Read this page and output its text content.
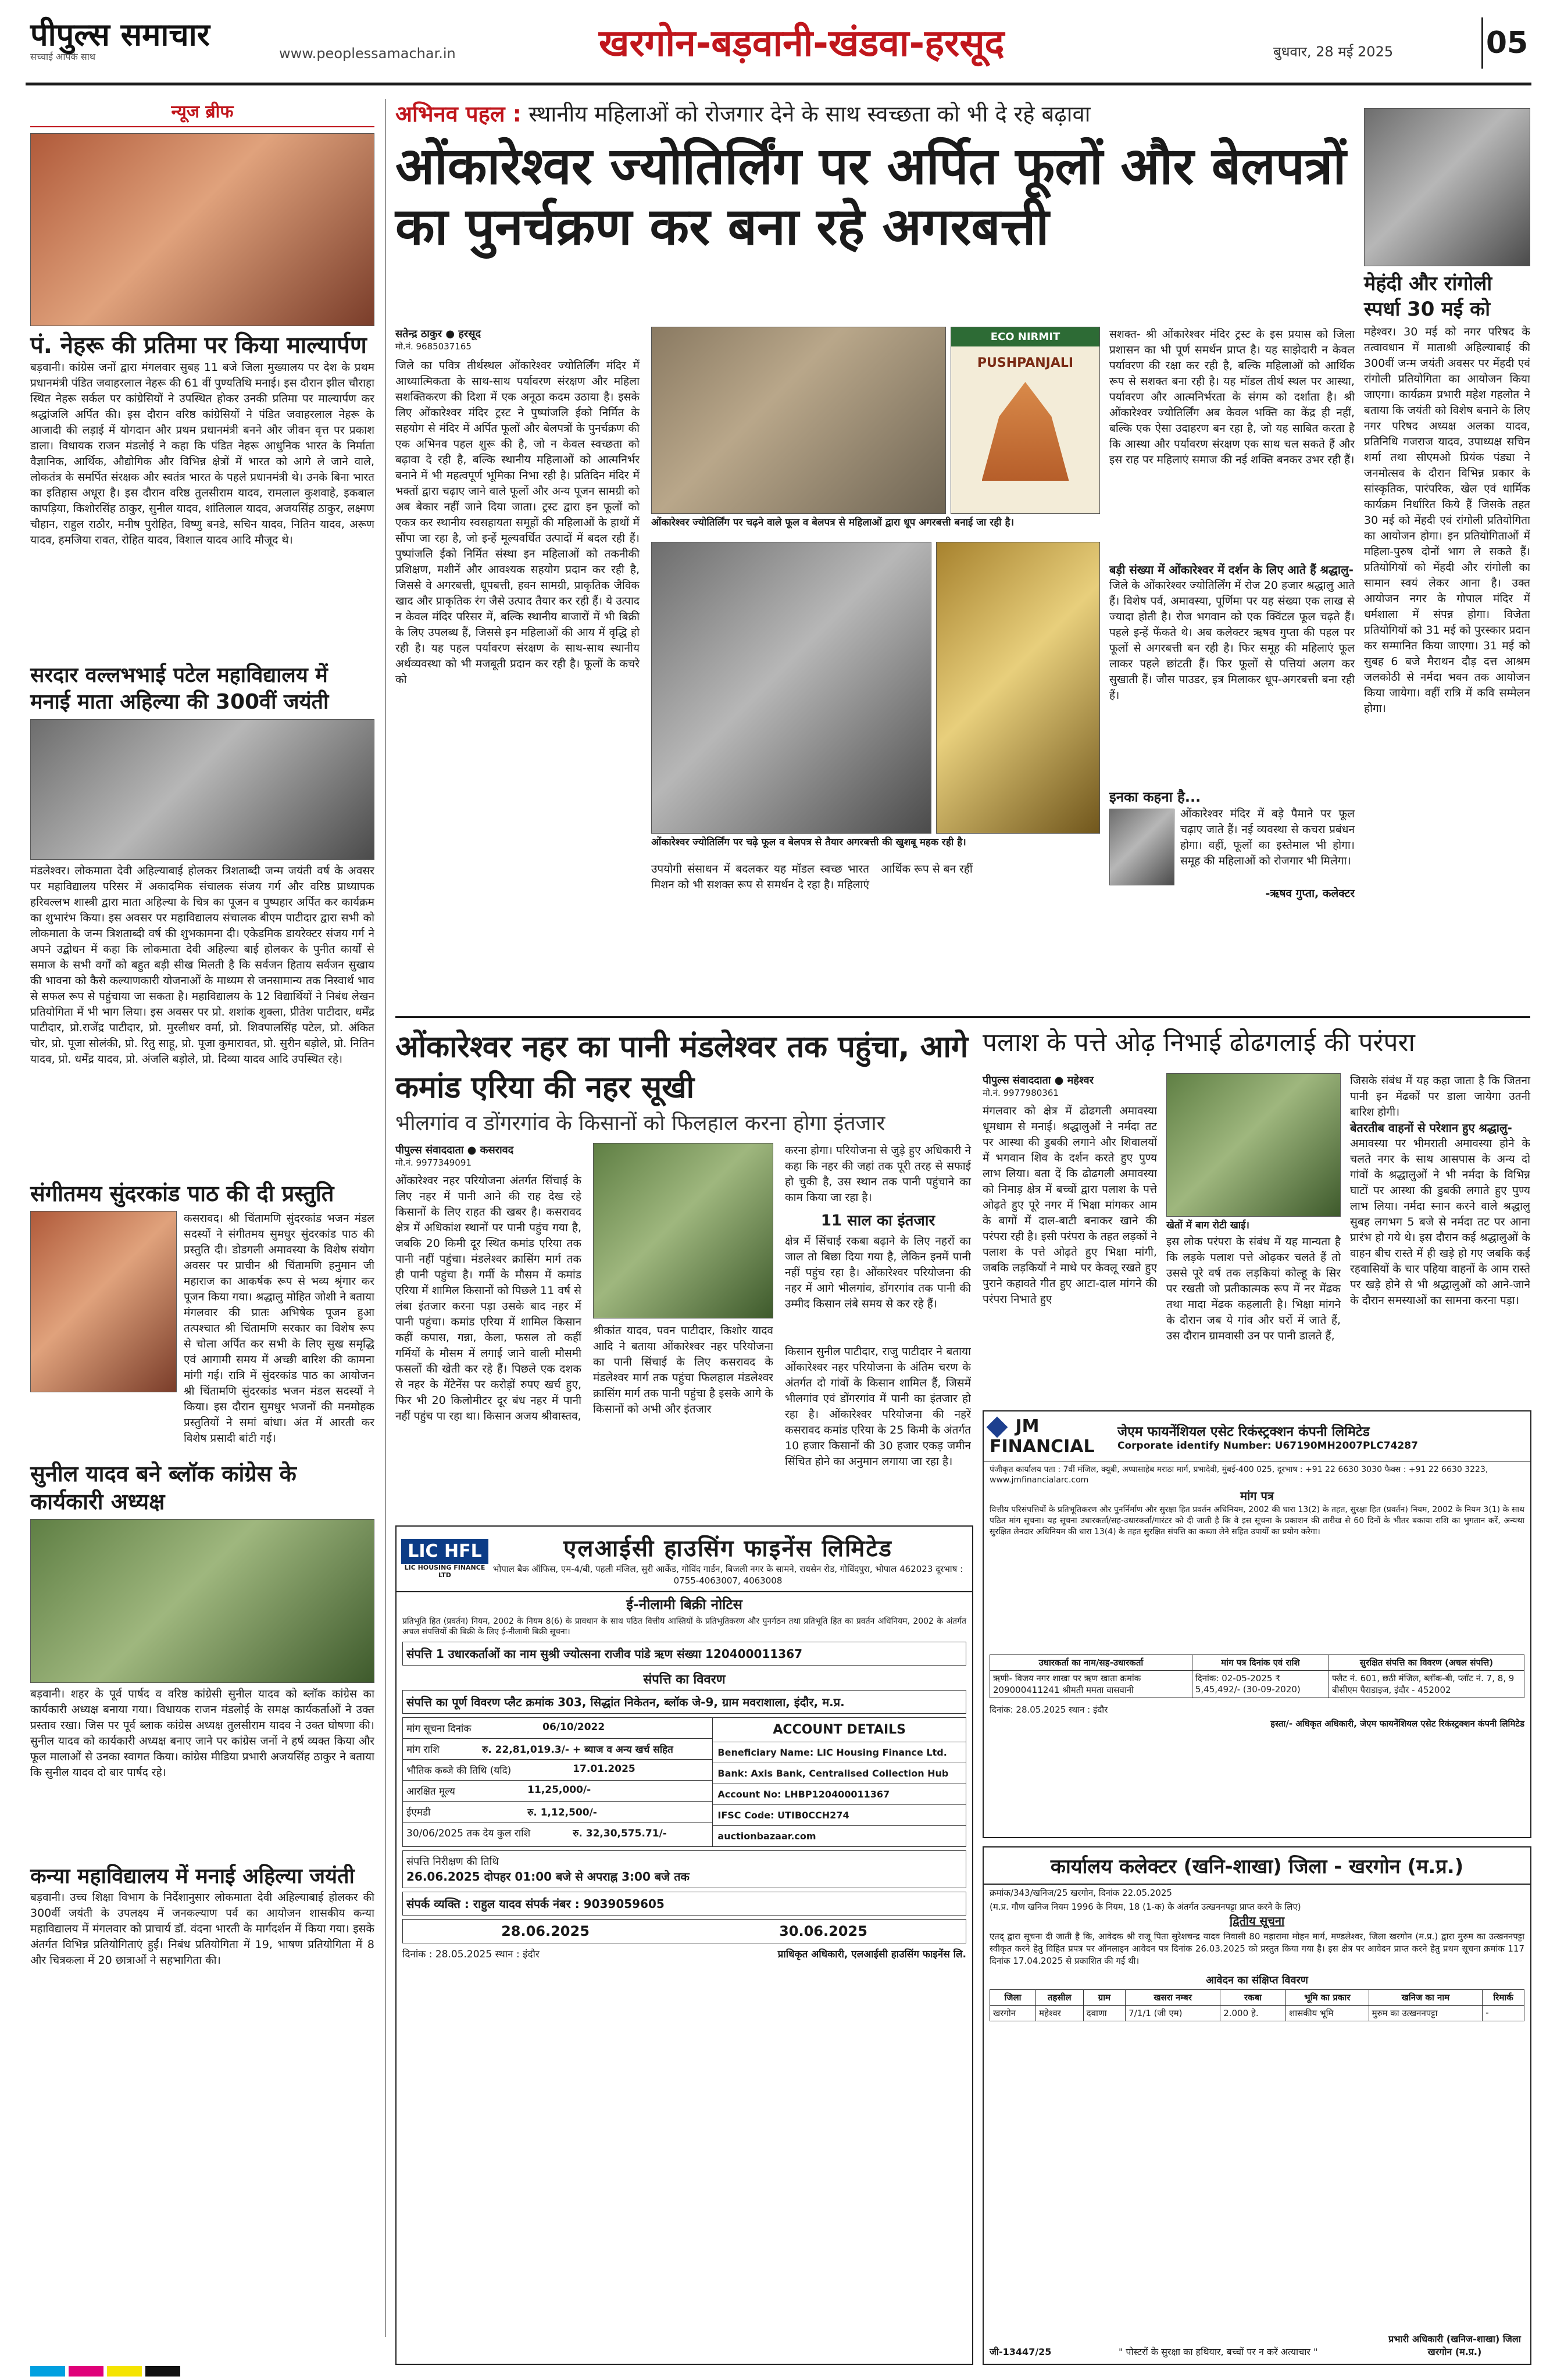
पीपुल्स समाचार
सच्चाई आपके साथ	www.peoplessamachar.in	खरगोन-बड़वानी-खंडवा-हरसूद	बुधवार, 28 मई 2025	05
न्यूज ब्रीफ
पं. नेहरू की प्रतिमा पर किया माल्यार्पण

बड़वानी। कांग्रेस जनों द्वारा मंगलवार सुबह 11 बजे जिला मुख्यालय पर देश के प्रथम प्रधानमंत्री पंडित जवाहरलाल नेहरू की 61 वीं पुण्यतिथि मनाई। इस दौरान झील चौराहा स्थित नेहरू सर्कल पर कांग्रेसियों ने उपस्थित होकर उनकी प्रतिमा पर माल्यार्पण कर श्रद्धांजलि अर्पित की। इस दौरान वरिष्ठ कांग्रेसियों ने पंडित जवाहरलाल नेहरू के आजादी की लड़ाई में योगदान और प्रथम प्रधानमंत्री बनने और जीवन वृत्त पर प्रकाश डाला। विधायक राजन मंडलोई ने कहा कि पंडित नेहरू आधुनिक भारत के निर्माता वैज्ञानिक, आर्थिक, औद्योगिक और विभिन्न क्षेत्रों में भारत को आगे ले जाने वाले, लोकतंत्र के समर्पित संरक्षक और स्वतंत्र भारत के पहले प्रधानमंत्री थे। उनके बिना भारत का इतिहास अधूरा है। इस दौरान वरिष्ठ तुलसीराम यादव, रामलाल कुशवाहे, इकबाल कापड़िया, किशोरसिंह ठाकुर, सुनील यादव, शांतिलाल यादव, अजयसिंह ठाकुर, लक्ष्मण चौहान, राहुल राठौर, मनीष पुरोहित, विष्णु बनडे, सचिन यादव, नितिन यादव, अरूण यादव, हमजिया रावत, रोहित यादव, विशाल यादव आदि मौजूद थे।

सरदार वल्लभभाई पटेल महाविद्यालय में मनाई माता अहिल्या की 300वीं जयंती

मंडलेश्वर। लोकमाता देवी अहिल्याबाई होलकर त्रिशताब्दी जन्म जयंती वर्ष के अवसर पर महाविद्यालय परिसर में अकादमिक संचालक संजय गर्ग और वरिष्ठ प्राध्यापक हरिवल्लभ शास्त्री द्वारा माता अहिल्या के चित्र का पूजन व पुष्पहार अर्पित कर कार्यक्रम का शुभारंभ किया। इस अवसर पर महाविद्यालय संचालक बीएम पाटीदार द्वारा सभी को लोकमाता के जन्म त्रिशताब्दी वर्ष की शुभकामना दी। एकेडमिक डायरेक्टर संजय गर्ग ने अपने उद्बोधन में कहा कि लोकमाता देवी अहिल्या बाई होलकर के पुनीत कार्यों से समाज के सभी वर्गों को बहुत बड़ी सीख मिलती है कि सर्वजन हिताय सर्वजन सुखाय की भावना को कैसे कल्याणकारी योजनाओं के माध्यम से जनसामान्य तक निस्वार्थ भाव से सफल रूप से पहुंचाया जा सकता है। महाविद्यालय के 12 विद्यार्थियों ने निबंध लेखन प्रतियोगिता में भी भाग लिया। इस अवसर पर प्रो. शशांक शुक्ला, प्रीतेश पाटीदार, धर्मेंद्र पाटीदार, प्रो.राजेंद्र पाटीदार, प्रो. मुरलीधर वर्मा, प्रो. शिवपालसिंह पटेल, प्रो. अंकित चोर, प्रो. पूजा सोलंकी, प्रो. रितु साहू, प्रो. पूजा कुमारावत, प्रो. सुरीन बड़ोले, प्रो. नितिन यादव, प्रो. धर्मेंद्र यादव, प्रो. अंजलि बड़ोले, प्रो. दिव्या यादव आदि उपस्थित रहे।

संगीतमय सुंदरकांड पाठ की दी प्रस्तुति

कसरावद। श्री चिंतामणि सुंदरकांड भजन मंडल सदस्यों ने संगीतमय सुमधुर सुंदरकांड पाठ की प्रस्तुति दी। डोडगली अमावस्या के विशेष संयोग अवसर पर प्राचीन श्री चिंतामणि हनुमान जी महाराज का आकर्षक रूप से भव्य श्रृंगार कर पूजन किया गया। श्रद्धालु मोहित जोशी ने बताया मंगलवार की प्रातः अभिषेक पूजन हुआ तत्पश्चात श्री चिंतामणि सरकार का विशेष रूप से चोला अर्पित कर सभी के लिए सुख समृद्धि एवं आगामी समय में अच्छी बारिश की कामना मांगी गई। रात्रि में सुंदरकांड पाठ का आयोजन श्री चिंतामणि सुंदरकांड भजन मंडल सदस्यों ने किया। इस दौरान सुमधुर भजनों की मनमोहक प्रस्तुतियों ने समां बांधा। अंत में आरती कर विशेष प्रसादी बांटी गई।

सुनील यादव बने ब्लॉक कांग्रेस के कार्यकारी अध्यक्ष

बड़वानी। शहर के पूर्व पार्षद व वरिष्ठ कांग्रेसी सुनील यादव को ब्लॉक कांग्रेस का कार्यकारी अध्यक्ष बनाया गया। विधायक राजन मंडलोई के समक्ष कार्यकर्ताओं ने उक्त प्रस्ताव रखा। जिस पर पूर्व ब्लाक कांग्रेस अध्यक्ष तुलसीराम यादव ने उक्त घोषणा की। सुनील यादव को कार्यकारी अध्यक्ष बनाए जाने पर कांग्रेस जनों ने हर्ष व्यक्त किया और फूल मालाओं से उनका स्वागत किया। कांग्रेस मीडिया प्रभारी अजयसिंह ठाकुर ने बताया कि सुनील यादव दो बार पार्षद रहे।

कन्या महाविद्यालय में मनाई अहिल्या जयंती

बड़वानी। उच्च शिक्षा विभाग के निर्देशानुसार लोकमाता देवी अहिल्याबाई होलकर की 300वीं जयंती के उपलक्ष्य में जनकल्याण पर्व का आयोजन शासकीय कन्या महाविद्यालय में मंगलवार को प्राचार्य डॉ. वंदना भारती के मार्गदर्शन में किया गया। इसके अंतर्गत विभिन्न प्रतियोगिताएं हुईं। निबंध प्रतियोगिता में 19, भाषण प्रतियोगिता में 8 और चित्रकला में 20 छात्राओं ने सहभागिता की।

अभिनव पहल : स्थानीय महिलाओं को रोजगार देने के साथ स्वच्छता को भी दे रहे बढ़ावा
ओंकारेश्वर ज्योतिर्लिंग पर अर्पित फूलों और बेलपत्रों का पुनर्चक्रण कर बना रहे अगरबत्ती
सतेन्द्र ठाकुर ● हरसूद
मो.नं. 9685037165

जिले का पवित्र तीर्थस्थल ओंकारेश्वर ज्योतिर्लिंग मंदिर में आध्यात्मिकता के साथ-साथ पर्यावरण संरक्षण और महिला सशक्तिकरण की दिशा में एक अनूठा कदम उठाया है। इसके लिए ओंकारेश्वर मंदिर ट्रस्ट ने पुष्पांजलि ईको निर्मित के सहयोग से मंदिर में अर्पित फूलों और बेलपत्रों के पुनर्चक्रण की एक अभिनव पहल शुरू की है, जो न केवल स्वच्छता को बढ़ावा दे रही है, बल्कि स्थानीय महिलाओं को आत्मनिर्भर बनाने में भी महत्वपूर्ण भूमिका निभा रही है। प्रतिदिन मंदिर में भक्तों द्वारा चढ़ाए जाने वाले फूलों और अन्य पूजन सामग्री को अब बेकार नहीं जाने दिया जाता। ट्रस्ट द्वारा इन फूलों को एकत्र कर स्थानीय स्वसहायता समूहों की महिलाओं के हाथों में सौंपा जा रहा है, जो इन्हें मूल्यवर्धित उत्पादों में बदल रही हैं। पुष्पांजलि ईको निर्मित संस्था इन महिलाओं को तकनीकी प्रशिक्षण, मशीनें और आवश्यक सहयोग प्रदान कर रही है, जिससे वे अगरबत्ती, धूपबत्ती, हवन सामग्री, प्राकृतिक जैविक खाद और प्राकृतिक रंग जैसे उत्पाद तैयार कर रही हैं। ये उत्पाद न केवल मंदिर परिसर में, बल्कि स्थानीय बाजारों में भी बिक्री के लिए उपलब्ध हैं, जिससे इन महिलाओं की आय में वृद्धि हो रही है। यह पहल पर्यावरण संरक्षण के साथ-साथ स्थानीय अर्थव्यवस्था को भी मजबूती प्रदान कर रही है। फूलों के कचरे को

ECO NIRMIT
PUSHPANJALI
ओंकारेश्वर ज्योतिर्लिंग पर चढ़ने वाले फूल व बेलपत्र से महिलाओं द्वारा धूप अगरबत्ती बनाई जा रही है।
ओंकारेश्वर ज्योतिर्लिंग पर चढ़े फूल व बेलपत्र से तैयार अगरबत्ती की खुशबू महक रही है।

उपयोगी संसाधन में बदलकर यह मॉडल स्वच्छ भारत मिशन को भी सशक्त रूप से समर्थन दे रहा है। महिलाएं आर्थिक रूप से बन रहीं

सशक्त- श्री ओंकारेश्वर मंदिर ट्रस्ट के इस प्रयास को जिला प्रशासन का भी पूर्ण समर्थन प्राप्त है। यह साझेदारी न केवल पर्यावरण की रक्षा कर रही है, बल्कि महिलाओं को आर्थिक रूप से सशक्त बना रही है। यह मॉडल तीर्थ स्थल पर आस्था, पर्यावरण और आत्मनिर्भरता के संगम को दर्शाता है। श्री ओंकारेश्वर ज्योतिर्लिंग अब केवल भक्ति का केंद्र ही नहीं, बल्कि एक ऐसा उदाहरण बन रहा है, जो यह साबित करता है कि आस्था और पर्यावरण संरक्षण एक साथ चल सकते हैं और इस राह पर महिलाएं समाज की नई शक्ति बनकर उभर रही हैं।

बड़ी संख्या में ओंकारेश्वर में दर्शन के लिए आते हैं श्रद्धालु-

जिले के ओंकारेश्वर ज्योतिर्लिंग में रोज 20 हजार श्रद्धालु आते हैं। विशेष पर्व, अमावस्या, पूर्णिमा पर यह संख्या एक लाख से ज्यादा होती है। रोज भगवान को एक क्विंटल फूल चढ़ते हैं। पहले इन्हें फेंकते थे। अब कलेक्टर ऋषव गुप्ता की पहल पर फूलों से अगरबत्ती बन रही है। फिर समूह की महिलाएं फूल लाकर पहले छांटती हैं। फिर फूलों से पत्तियां अलग कर सुखाती हैं। जौस पाउडर, इत्र मिलाकर धूप-अगरबत्ती बना रही हैं।

इनका कहना है...

ओंकारेश्वर मंदिर में बड़े पैमाने पर फूल चढ़ाए जाते हैं। नई व्यवस्था से कचरा प्रबंधन होगा। वहीं, फूलों का इस्तेमाल भी होगा। समूह की महिलाओं को रोजगार भी मिलेगा।

-ऋषव गुप्ता, कलेक्टर
मेहंदी और रांगोली स्पर्धा 30 मई को

महेश्वर। 30 मई को नगर परिषद के तत्वावधान में माताश्री अहिल्याबाई की 300वीं जन्म जयंती अवसर पर मेंहदी एवं रांगोली प्रतियोगिता का आयोजन किया जाएगा। कार्यक्रम प्रभारी महेश गहलोत ने बताया कि जयंती को विशेष बनाने के लिए नगर परिषद अध्यक्ष अलका यादव, प्रतिनिधि गजराज यादव, उपाध्यक्ष सचिन शर्मा तथा सीएमओ प्रियंक पंड्या ने जनमोत्सव के दौरान विभिन्न प्रकार के सांस्कृतिक, पारंपरिक, खेल एवं धार्मिक कार्यक्रम निर्धारित किये हैं जिसके तहत 30 मई को मेंहदी एवं रांगोली प्रतियोगिता का आयोजन होगा। इन प्रतियोगिताओं में महिला-पुरुष दोनों भाग ले सकते हैं। प्रतियोगियों को मेंहदी और रांगोली का सामान स्वयं लेकर आना है। उक्त आयोजन नगर के गोपाल मंदिर में धर्मशाला में संपन्न होगा। विजेता प्रतियोगियों को 31 मई को पुरस्कार प्रदान कर सम्मानित किया जाएगा। 31 मई को सुबह 6 बजे मैराथन दौड़ दत्त आश्रम जलकोठी से नर्मदा भवन तक आयोजन किया जायेगा। वहीं रात्रि में कवि सम्मेलन होगा।

ओंकारेश्वर नहर का पानी मंडलेश्वर तक पहुंचा, आगे कमांड एरिया की नहर सूखी
भीलगांव व डोंगरगांव के किसानों को फिलहाल करना होगा इंतजार
पीपुल्स संवाददाता ● कसरावद
मो.नं. 9977349091

ओंकारेश्वर नहर परियोजना अंतर्गत सिंचाई के लिए नहर में पानी आने की राह देख रहे किसानों के लिए राहत की खबर है। कसरावद क्षेत्र में अधिकांश स्थानों पर पानी पहुंच गया है, जबकि 20 किमी दूर स्थित कमांड एरिया तक पानी नहीं पहुंचा। मंडलेश्वर क्रासिंग मार्ग तक ही पानी पहुंचा है। गर्मी के मौसम में कमांड एरिया में शामिल किसानों को पिछले 11 वर्ष से लंबा इंतजार करना पड़ा उसके बाद नहर में पानी पहुंचा। कमांड एरिया में शामिल किसान कहीं कपास, गन्ना, केला, फसल तो कहीं गर्मियों के मौसम में लगाई जाने वाली मौसमी फसलों की खेती कर रहे हैं। पिछले एक दशक से नहर के मेंटेनेंस पर करोड़ों रुपए खर्च हुए, फिर भी 20 किलोमीटर दूर बंध नहर में पानी नहीं पहुंच पा रहा था। किसान अजय श्रीवास्तव,

श्रीकांत यादव, पवन पाटीदार, किशोर यादव आदि ने बताया ओंकारेश्वर नहर परियोजना का पानी सिंचाई के लिए कसरावद के मंडलेश्वर मार्ग तक पहुंचा फिलहाल मंडलेश्वर क्रासिंग मार्ग तक पानी पहुंचा है इसके आगे के किसानों को अभी और इंतजार

करना होगा। परियोजना से जुड़े हुए अधिकारी ने कहा कि नहर की जहां तक पूरी तरह से सफाई हो चुकी है, उस स्थान तक पानी पहुंचाने का काम किया जा रहा है।

11 साल का इंतजार

क्षेत्र में सिंचाई रकबा बढ़ाने के लिए नहरों का जाल तो बिछा दिया गया है, लेकिन इनमें पानी नहीं पहुंच रहा है। ओंकारेश्वर परियोजना की नहर में आगे भीलगांव, डोंगरगांव तक पानी की उम्मीद किसान लंबे समय से कर रहे हैं।

किसान सुनील पाटीदार, राजु पाटीदार ने बताया ओंकारेश्वर नहर परियोजना के अंतिम चरण के अंतर्गत दो गांवों के किसान शामिल हैं, जिसमें भीलगांव एवं डोंगरगांव में पानी का इंतजार हो रहा है। ओंकारेश्वर परियोजना की नहरें कसरावद कमांड एरिया के 25 किमी के अंतर्गत 10 हजार किसानों की 30 हजार एकड़ जमीन सिंचित होने का अनुमान लगाया जा रहा है।

पलाश के पत्ते ओढ़ निभाई ढोढगलाई की परंपरा
पीपुल्स संवाददाता ● महेश्वर
मो.नं. 9977980361

मंगलवार को क्षेत्र में ढोढगली अमावस्या धूमधाम से मनाई। श्रद्धालुओं ने नर्मदा तट पर आस्था की डुबकी लगाने और शिवालयों में भगवान शिव के दर्शन करते हुए पुण्य लाभ लिया। बता दें कि ढोढगली अमावस्या को निमाड़ क्षेत्र में बच्चों द्वारा पलाश के पत्ते ओढ़ते हुए पूरे नगर में भिक्षा मांगकर आम के बागों में दाल-बाटी बनाकर खाने की परंपरा रही है। इसी परंपरा के तहत लड़कों ने पलाश के पत्ते ओढ़ते हुए भिक्षा मांगी, जबकि लड़कियों ने माथे पर केवलू रखते हुए पुराने कहावते गीत हुए आटा-दाल मांगने की परंपरा निभाते हुए

खेतों में बाग रोटी खाई।

इस लोक परंपरा के संबंध में यह मान्यता है कि लड़के पलाश पत्ते ओढ़कर चलते हैं तो उससे पूरे वर्ष तक लड़कियां कोल्हू के सिर पर रखती जो प्रतीकात्मक रूप में नर मेंढक तथा मादा मेंढक कहलाती है। भिक्षा मांगने के दौरान जब ये गांव और घरों में जाते हैं, उस दौरान ग्रामवासी उन पर पानी डालते हैं,

जिसके संबंध में यह कहा जाता है कि जितना पानी इन मेंढकों पर डाला जायेगा उतनी बारिश होगी।

बेतरतीब वाहनों से परेशान हुए श्रद्धालु-

अमावस्या पर भीमराती अमावस्या होने के चलते नगर के साथ आसपास के अन्य दो गांवों के श्रद्धालुओं ने भी नर्मदा के विभिन्न घाटों पर आस्था की डुबकी लगाते हुए पुण्य लाभ लिया। नर्मदा स्नान करने वाले श्रद्धालु सुबह लगभग 5 बजे से नर्मदा तट पर आना प्रारंभ हो गये थे। इस दौरान कई श्रद्धालुओं के वाहन बीच रास्ते में ही खड़े हो गए जबकि कई रहवासियों के चार पहिया वाहनों के आम रास्ते पर खड़े होने से भी श्रद्धालुओं को आने-जाने के दौरान समस्याओं का सामना करना पड़ा।

JM FINANCIAL
जेएम फायनेंशियल एसेट रिकंस्ट्रक्शन कंपनी लिमिटेड
Corporate identify Number: U67190MH2007PLC74287
पंजीकृत कार्यालय पता : 7वीं मंजिल, क्यूबी, अप्पासाहेब मराठा मार्ग, प्रभादेवी, मुंबई-400 025, दूरभाष : +91 22 6630 3030 फैक्स : +91 22 6630 3223, www.jmfinancialarc.com
मांग पत्र

वित्तीय परिसंपत्तियों के प्रतिभूतिकरण और पुनर्निर्माण और सुरक्षा हित प्रवर्तन अधिनियम, 2002 की धारा 13(2) के तहत, सुरक्षा हित (प्रवर्तन) नियम, 2002 के नियम 3(1) के साथ पठित मांग सूचना। यह सूचना उधारकर्ता/सह-उधारकर्ता/गारंटर को दी जाती है कि वे इस सूचना के प्रकाशन की तारीख से 60 दिनों के भीतर बकाया राशि का भुगतान करें, अन्यथा सुरक्षित लेनदार अधिनियम की धारा 13(4) के तहत सुरक्षित संपत्ति का कब्जा लेने सहित उपायों का प्रयोग करेगा।

उधारकर्ता का नाम/सह-उधारकर्ता	मांग पत्र दिनांक एवं राशि	सुरक्षित संपत्ति का विवरण (अचल संपत्ति)
ऋणी- विजय नगर शाखा पर ऋण खाता क्रमांक 209000411241 श्रीमती ममता वासवानी	दिनांक: 02-05-2025 ₹ 5,45,492/- (30-09-2020)	फ्लैट नं. 601, छठी मंजिल, ब्लॉक-बी, प्लॉट नं. 7, 8, 9 बीसीएम पैराडाइज, इंदौर - 452002
दिनांक: 28.05.2025 स्थान : इंदौर
हस्ता/- अधिकृत अधिकारी, जेएम फायनेंशियल एसेट रिकंस्ट्रक्शन कंपनी लिमिटेड
LIC HFL
LIC HOUSING FINANCE LTD
एलआईसी हाउसिंग फाइनेंस लिमिटेड
भोपाल बैक ऑफिस, एम-4/बी, पहली मंजिल, सुरी आर्केड, गोविंद गार्डन, बिजली नगर के सामने, रायसेन रोड, गोविंदपुरा, भोपाल 462023 दूरभाष : 0755-4063007, 4063008
ई-नीलामी बिक्री नोटिस

प्रतिभूति हित (प्रवर्तन) नियम, 2002 के नियम 8(6) के प्रावधान के साथ पठित वित्तीय आस्तियों के प्रतिभूतिकरण और पुनर्गठन तथा प्रतिभूति हित का प्रवर्तन अधिनियम, 2002 के अंतर्गत अचल संपत्तियों की बिक्री के लिए ई-नीलामी बिक्री सूचना।

संपत्ति 1 उधारकर्ताओं का नाम सुश्री ज्योत्सना राजीव पांडे ऋण संख्या 120400011367
संपत्ति का विवरण
संपत्ति का पूर्ण विवरण प्लैट क्रमांक 303, सिद्धांत निकेतन, ब्लॉक जे-9, ग्राम मवराशाला, इंदौर, म.प्र.
मांग सूचना दिनांक	06/10/2022
मांग राशि	रु. 22,81,019.3/- + ब्याज व अन्य खर्च सहित
भौतिक कब्जे की तिथि (यदि)	17.01.2025
आरक्षित मूल्य	11,25,000/-
ईएमडी	रु. 1,12,500/-
30/06/2025 तक देय कुल राशि	रु. 32,30,575.71/-
ACCOUNT DETAILS
Beneficiary Name: LIC Housing Finance Ltd.
Bank: Axis Bank, Centralised Collection Hub
Account No: LHBP120400011367
IFSC Code: UTIB0CCH274
auctionbazaar.com
संपत्ति निरीक्षण की तिथि
26.06.2025 दोपहर 01:00 बजे से अपराह्न 3:00 बजे तक
संपर्क व्यक्ति : राहुल यादव संपर्क नंबर : 9039059605
28.06.2025	30.06.2025
दिनांक : 28.05.2025 स्थान : इंदौर	प्राधिकृत अधिकारी, एलआईसी हाउसिंग फाइनेंस लि.
कार्यालय कलेक्टर (खनि-शाखा) जिला - खरगोन (म.प्र.)
क्रमांक/343/खनिज/25 खरगोन, दिनांक 22.05.2025
(म.प्र. गौण खनिज नियम 1996 के नियम, 18 (1-क) के अंतर्गत उत्खननपट्टा प्राप्त करने के लिए)
द्वितीय सूचना

एतद् द्वारा सूचना दी जाती है कि, आवेदक श्री राजू पिता सुरेशचन्द्र यादव निवासी 80 महारामा मोहन मार्ग, मण्डलेश्वर, जिला खरगोन (म.प्र.) द्वारा मुरुम का उत्खननपट्टा स्वीकृत करने हेतु विहित प्रपत्र पर ऑनलाइन आवेदन पत्र दिनांक 26.03.2025 को प्रस्तुत किया गया है। इस क्षेत्र पर आवेदन प्राप्त करने हेतु प्रथम सूचना क्रमांक 117 दिनांक 17.04.2025 से प्रकाशित की गई थी।

आवेदन का संक्षिप्त विवरण
जिला	तहसील	ग्राम	खसरा नम्बर	रकबा	भूमि का प्रकार	खनिज का नाम	रिमार्क
खरगोन	महेश्वर	दवाणा	7/1/1 (जी एम)	2.000 हे.	शासकीय भूमि	मुरुम का उत्खननपट्टा	-
जी-13447/25	" पोस्टरों के सुरक्षा का हथियार, बच्चों पर न करें अत्याचार "
प्रभारी अधिकारी (खनिज-शाखा) जिला खरगोन (म.प्र.)
